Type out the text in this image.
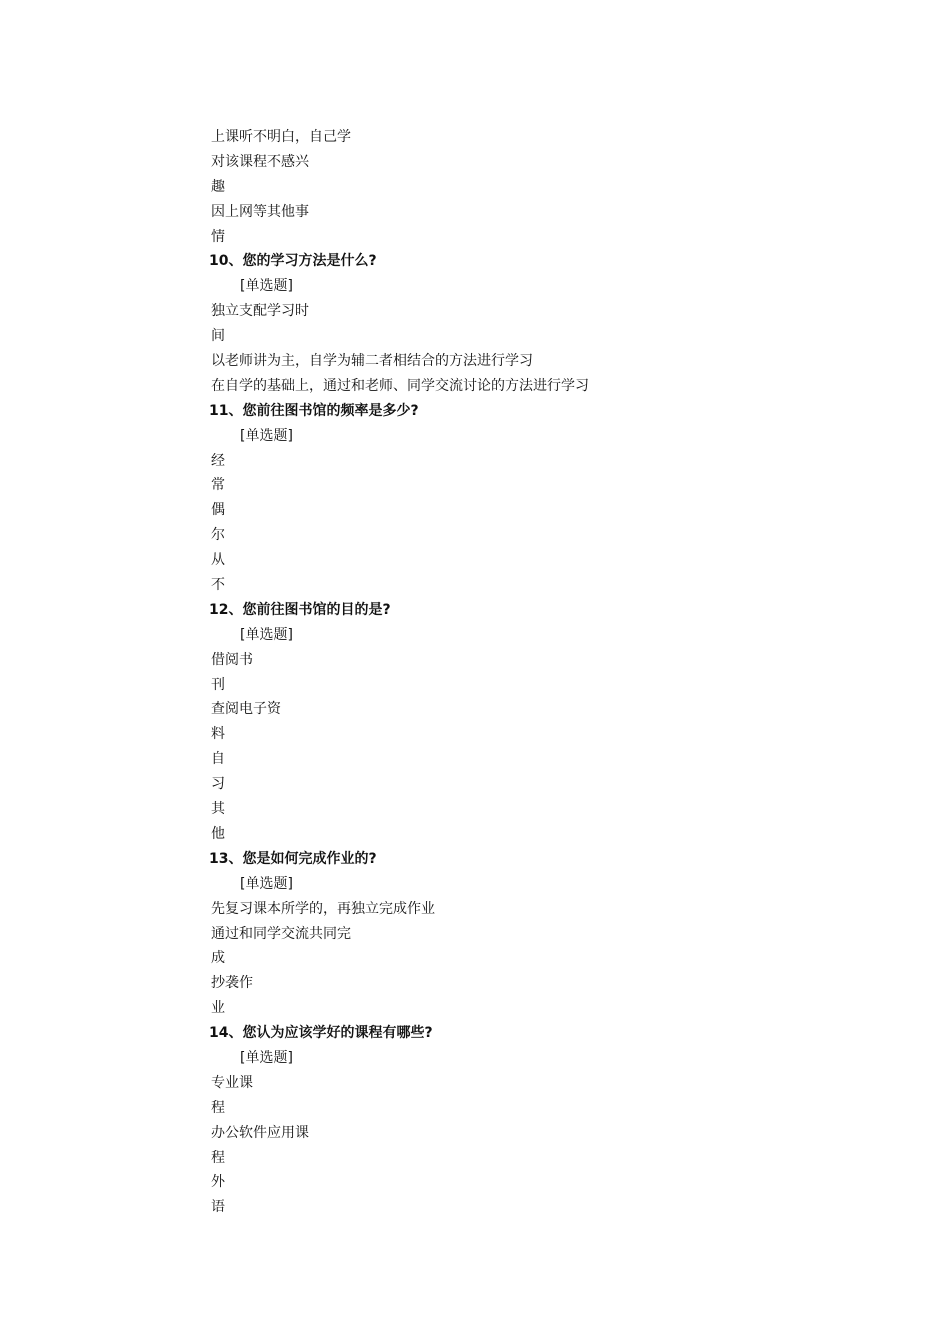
上课听不明白，自己学
对该课程不感兴
趣
因上网等其他事
情
10、您的学习方法是什么?
[单选题]
独立支配学习时
间
以老师讲为主，自学为辅二者相结合的方法进行学习
在自学的基础上，通过和老师、同学交流讨论的方法进行学习
11、您前往图书馆的频率是多少?
[单选题]
经
常
偶
尔
从
不
12、您前往图书馆的目的是?
[单选题]
借阅书
刊
查阅电子资
料
自
习
其
他
13、您是如何完成作业的?
[单选题]
先复习课本所学的，再独立完成作业
通过和同学交流共同完
成
抄袭作
业
14、您认为应该学好的课程有哪些?
[单选题]
专业课
程
办公软件应用课
程
外
语
